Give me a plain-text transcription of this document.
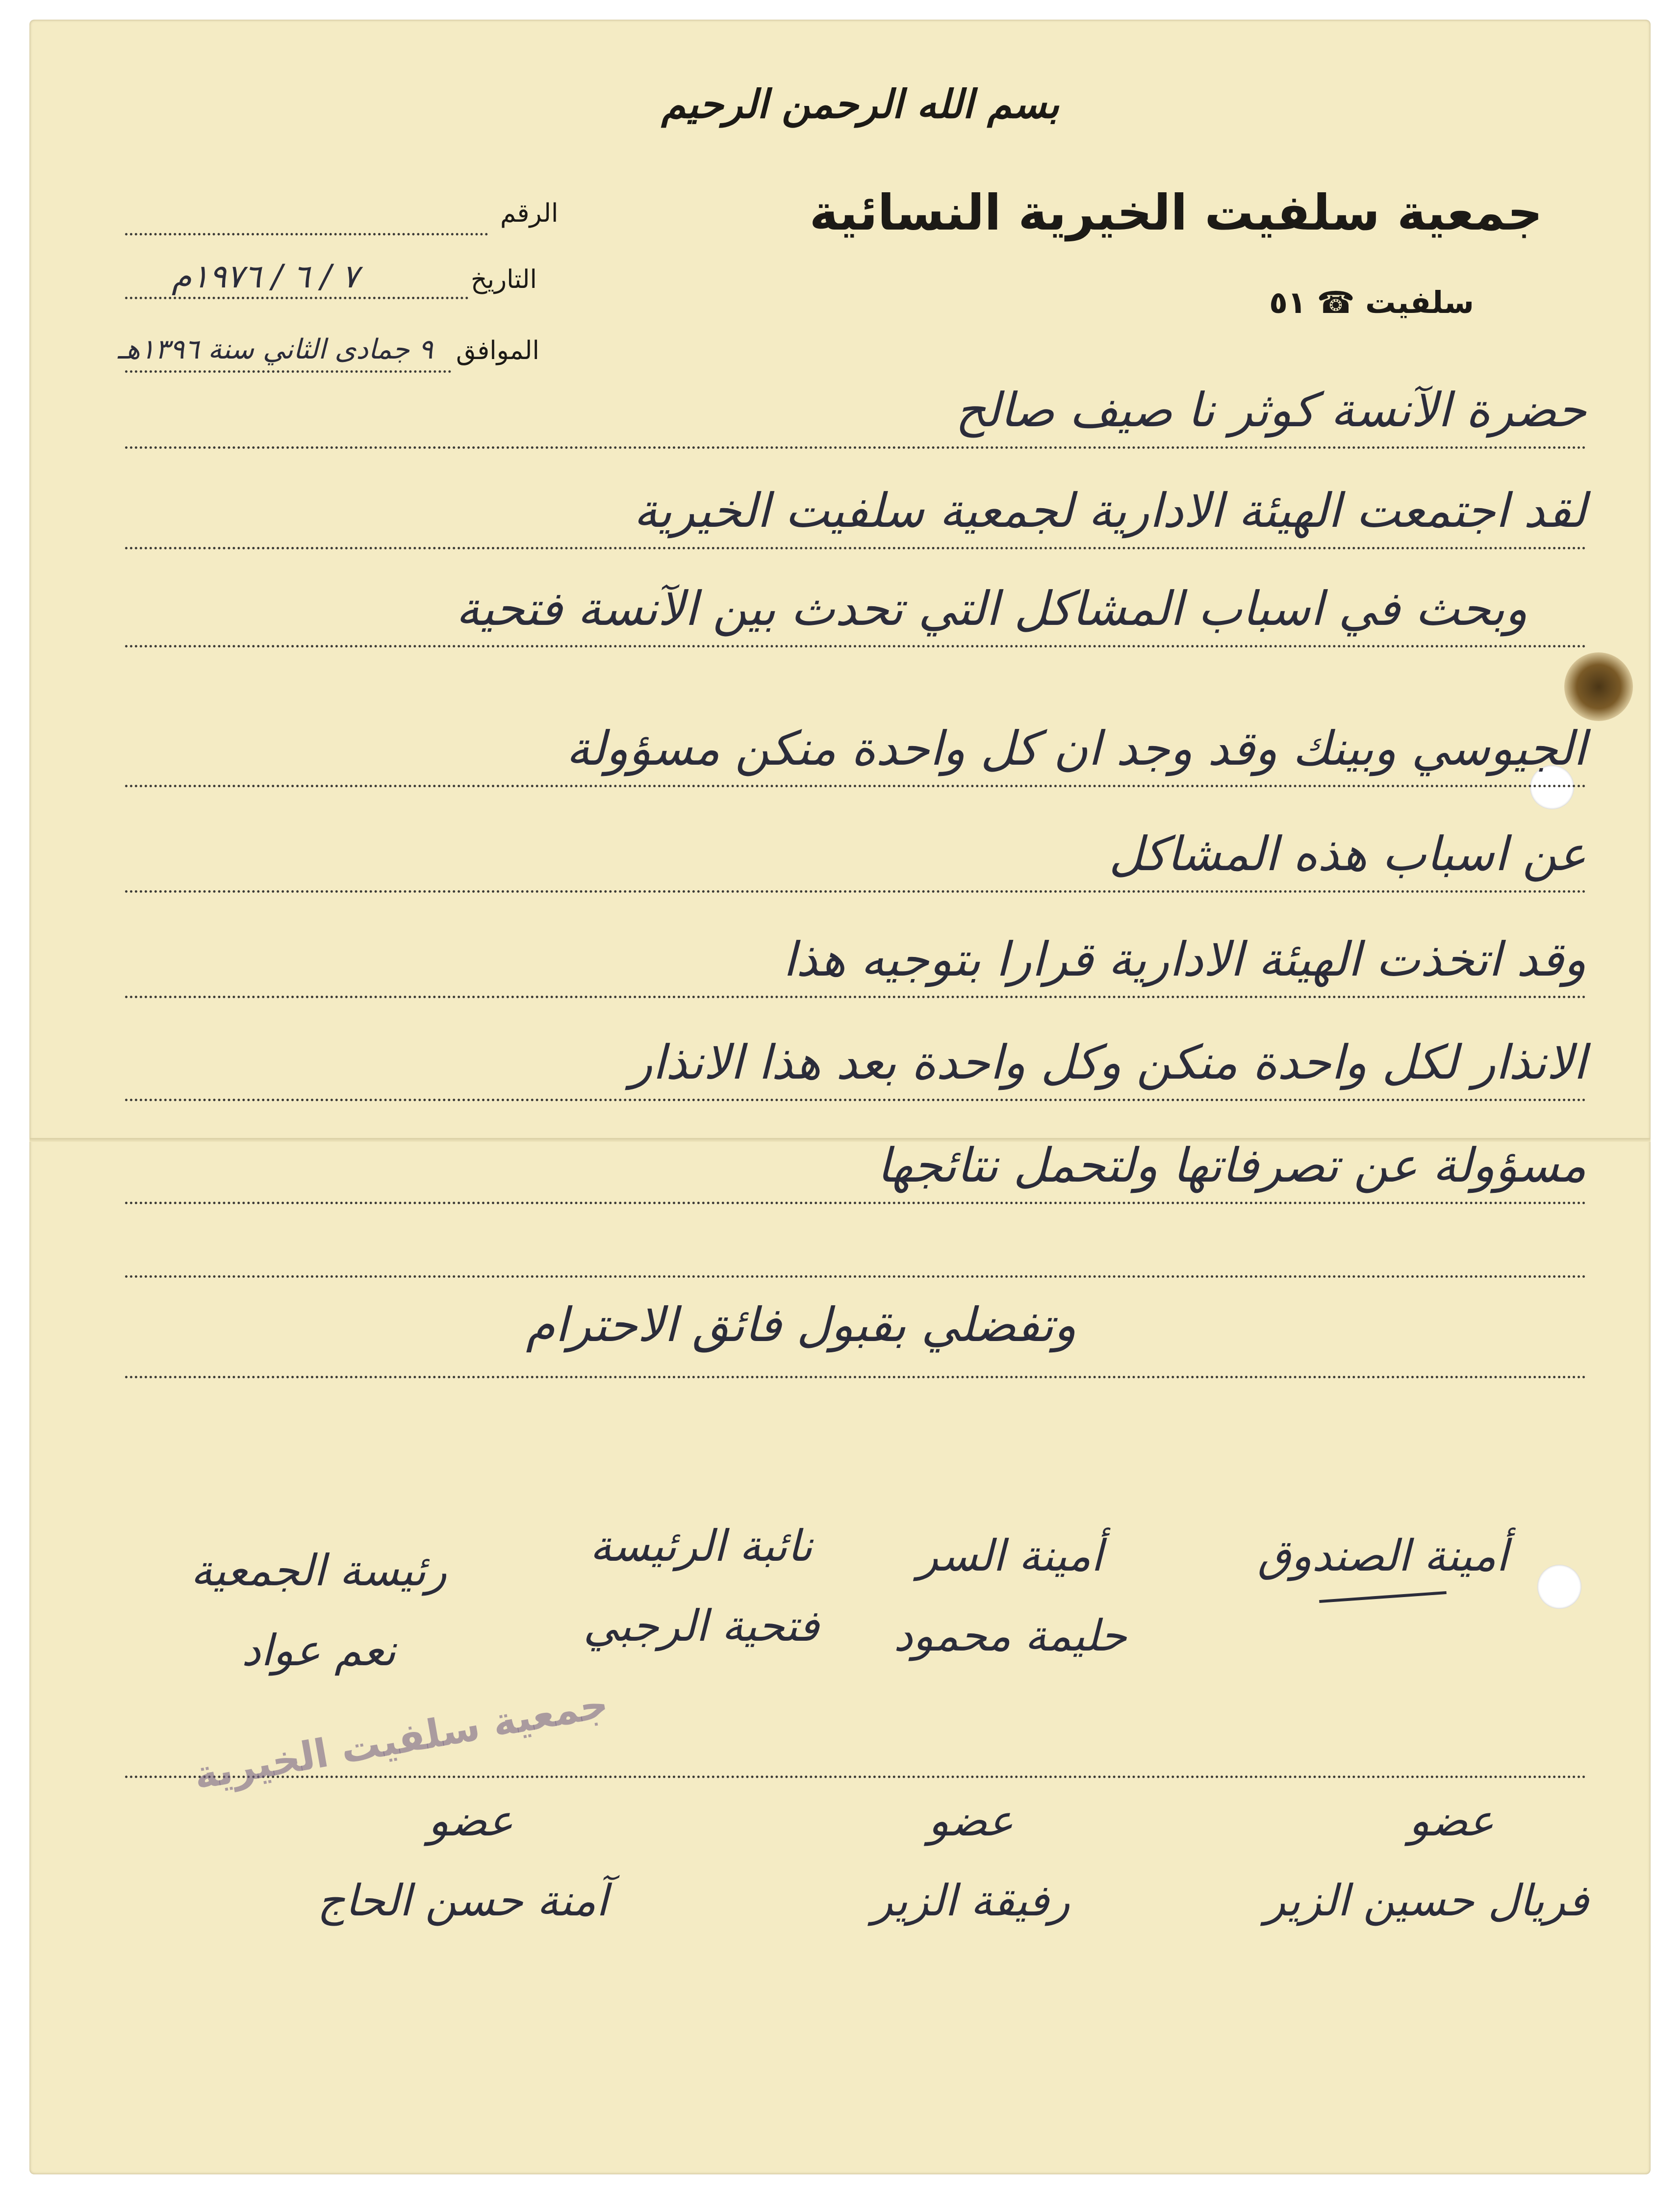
بسم الله الرحمن الرحيم
جمعية سلفيت الخيرية النسائية
سلفيت ☎ ٥١
الرقم
التاريخ
٧ / ٦ / ١٩٧٦م
الموافق
٩ جمادى الثاني سنة ١٣٩٦هـ
حضرة الآنسة كوثر نا صيف صالح
لقد اجتمعت الهيئة الادارية لجمعية سلفيت الخيرية
وبحث في اسباب المشاكل التي تحدث بين الآنسة فتحية
الجيوسي وبينك وقد وجد ان كل واحدة منكن مسؤولة
عن اسباب هذه المشاكل
وقد اتخذت الهيئة الادارية قرارا بتوجيه هذا
الانذار لكل واحدة منكن وكل واحدة بعد هذا الانذار
مسؤولة عن تصرفاتها ولتحمل نتائجها
وتفضلي بقبول فائق الاحترام
أمينة الصندوق
أمينة السر
حليمة محمود
نائبة الرئيسة
فتحية الرجبي
رئيسة الجمعية
نعم عواد
جمعية سلفيت الخيرية
عضو
فريال حسين الزير
عضو
رفيقة الزير
عضو
آمنة حسن الحاج
